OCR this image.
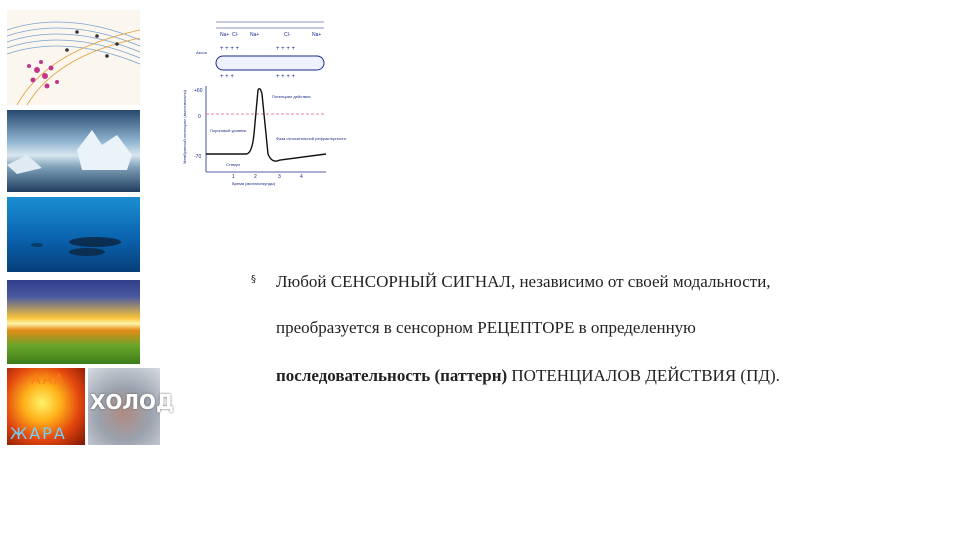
ААА
ЖАРА
ХОЛОД
Аксон
Na+ Cl- Na+	Cl-	Na+
+ + + +	+ + + +
+ + +	+ + + +
+60
0
-70
1	2	3	4
Время (миллисекунды)
Мембранный потенциал (милливольты)	Потенциал действия
Пороговый уровень
Фаза относительной рефрактерности
Стимул
§ Любой СЕНСОРНЫЙ СИГНАЛ, независимо от своей модальности,
преобразуется в сенсорном РЕЦЕПТОРЕ в определенную
последовательность (паттерн) ПОТЕНЦИАЛОВ ДЕЙСТВИЯ (ПД).
